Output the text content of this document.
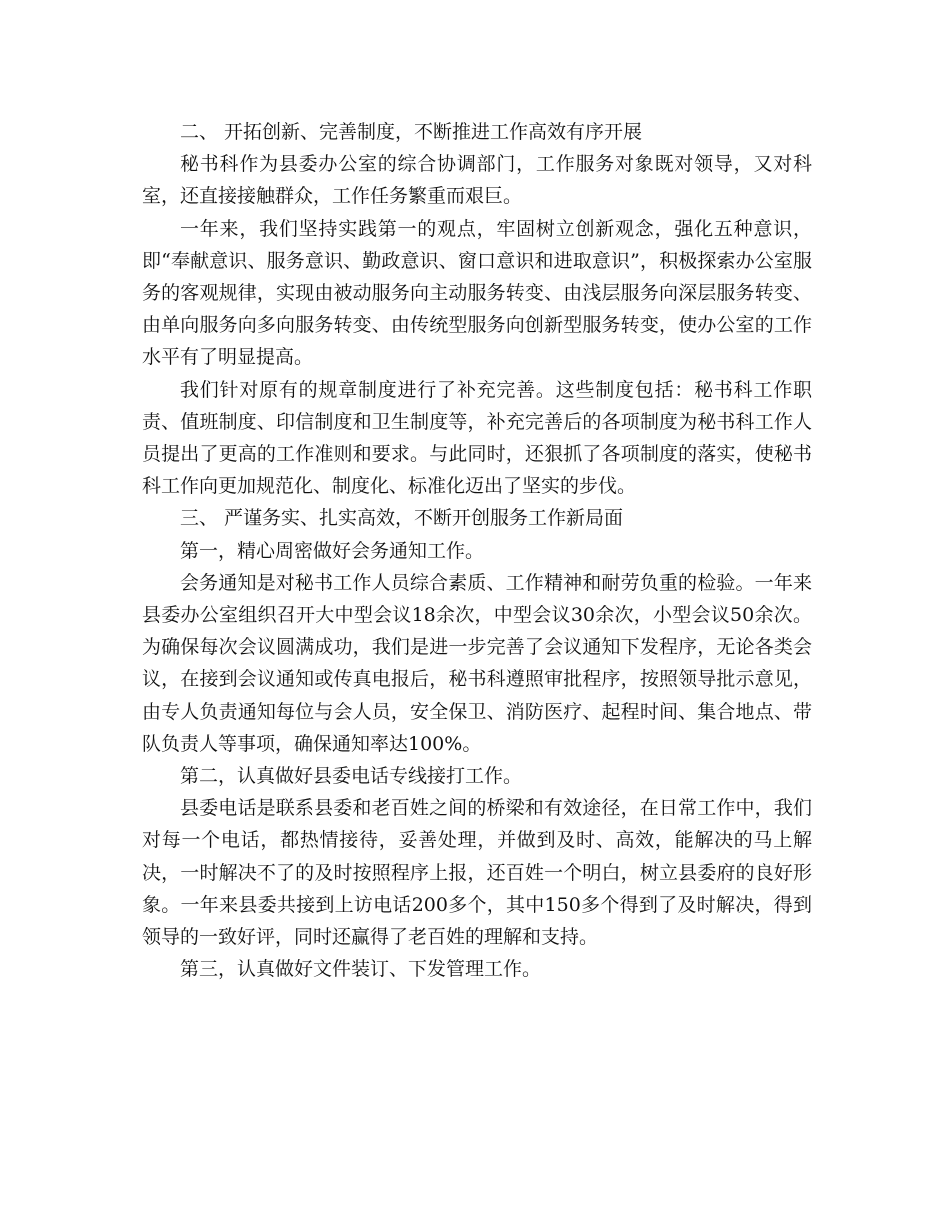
二、 开拓创新、完善制度，不断推进工作高效有序开展

秘书科作为县委办公室的综合协调部门，工作服务对象既对领导，又对科室，还直接接触群众，工作任务繁重而艰巨。

一年来，我们坚持实践第一的观点，牢固树立创新观念，强化五种意识，即“奉献意识、服务意识、勤政意识、窗口意识和进取意识”，积极探索办公室服务的客观规律，实现由被动服务向主动服务转变、由浅层服务向深层服务转变、由单向服务向多向服务转变、由传统型服务向创新型服务转变，使办公室的工作水平有了明显提高。

我们针对原有的规章制度进行了补充完善。这些制度包括：秘书科工作职责、值班制度、印信制度和卫生制度等，补充完善后的各项制度为秘书科工作人员提出了更高的工作准则和要求。与此同时，还狠抓了各项制度的落实，使秘书科工作向更加规范化、制度化、标准化迈出了坚实的步伐。

三、 严谨务实、扎实高效，不断开创服务工作新局面

第一，精心周密做好会务通知工作。

会务通知是对秘书工作人员综合素质、工作精神和耐劳负重的检验。一年来县委办公室组织召开大中型会议18余次，中型会议30余次，小型会议50余次。为确保每次会议圆满成功，我们是进一步完善了会议通知下发程序，无论各类会议，在接到会议通知或传真电报后，秘书科遵照审批程序，按照领导批示意见，由专人负责通知每位与会人员，安全保卫、消防医疗、起程时间、集合地点、带队负责人等事项，确保通知率达100%。

第二，认真做好县委电话专线接打工作。

县委电话是联系县委和老百姓之间的桥梁和有效途径，在日常工作中，我们对每一个电话，都热情接待，妥善处理，并做到及时、高效，能解决的马上解决，一时解决不了的及时按照程序上报，还百姓一个明白，树立县委府的良好形象。一年来县委共接到上访电话200多个，其中150多个得到了及时解决，得到领导的一致好评，同时还赢得了老百姓的理解和支持。

第三，认真做好文件装订、下发管理工作。
